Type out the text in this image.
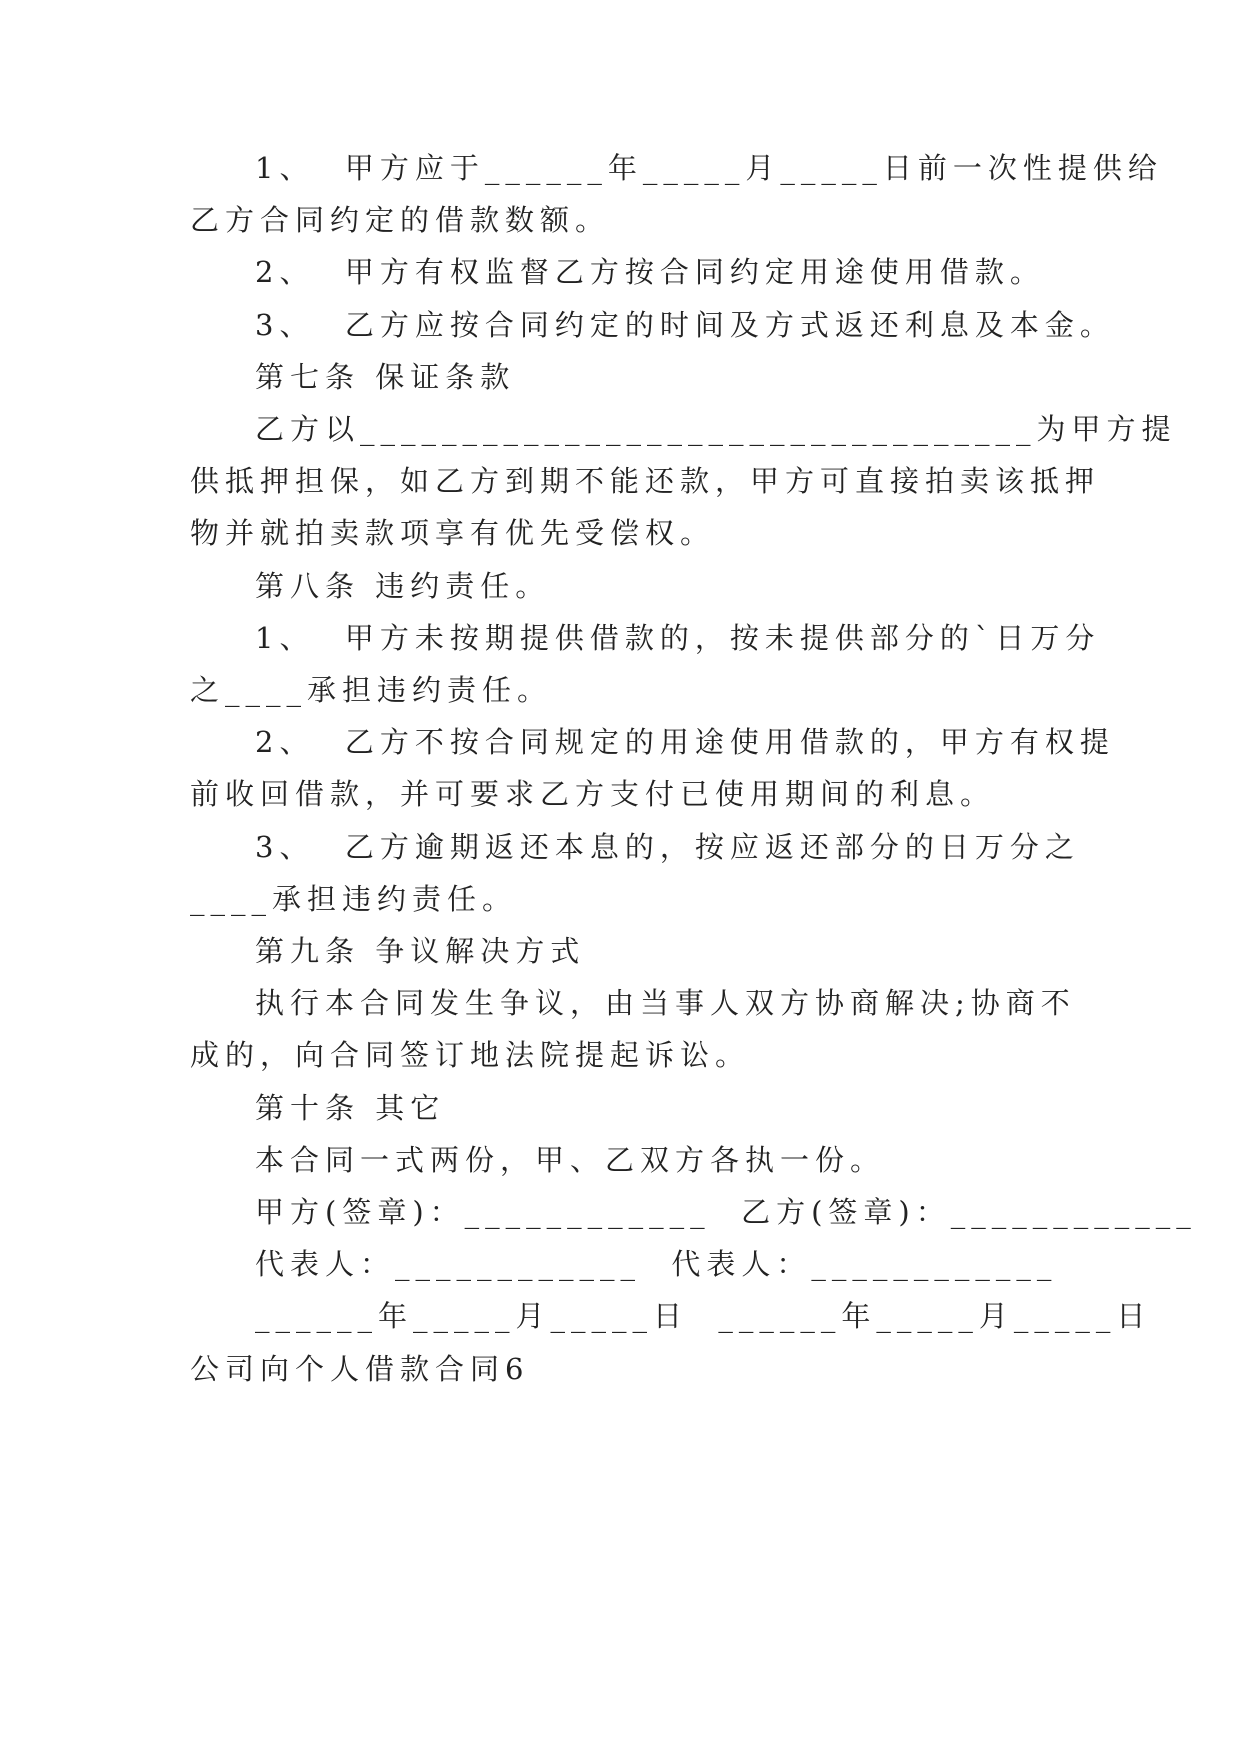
1、  甲方应于______年_____月_____日前一次性提供给
乙方合同约定的借款数额。
2、  甲方有权监督乙方按合同约定用途使用借款。
3、  乙方应按合同约定的时间及方式返还利息及本金。
第七条 保证条款
乙方以_________________________________为甲方提
供抵押担保，如乙方到期不能还款，甲方可直接拍卖该抵押
物并就拍卖款项享有优先受偿权。
第八条 违约责任。
1、  甲方未按期提供借款的，按未提供部分的`日万分
之____承担违约责任。
2、  乙方不按合同规定的用途使用借款的，甲方有权提
前收回借款，并可要求乙方支付已使用期间的利息。
3、  乙方逾期返还本息的，按应返还部分的日万分之
____承担违约责任。
第九条 争议解决方式
执行本合同发生争议，由当事人双方协商解决;协商不
成的，向合同签订地法院提起诉讼。
第十条 其它
本合同一式两份，甲、乙双方各执一份。
甲方(签章)：____________  乙方(签章)：____________
代表人：____________  代表人：____________
______年_____月_____日  ______年_____月_____日
公司向个人借款合同6
